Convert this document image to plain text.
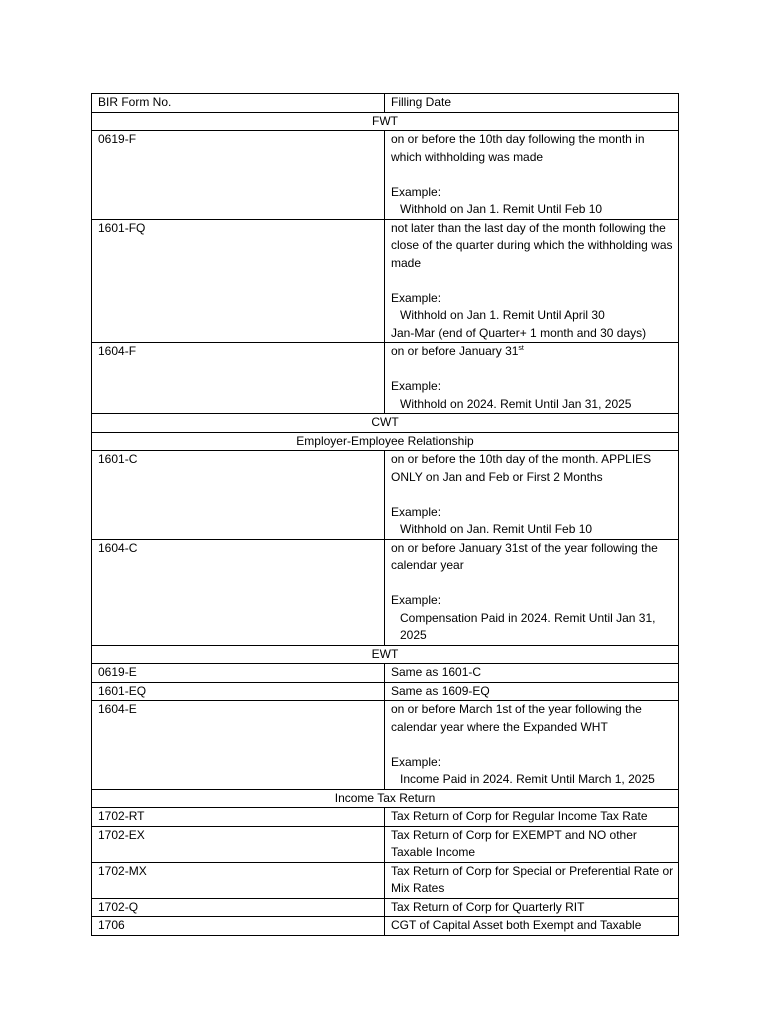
BIR Form No.	Filling Date
FWT	
0619-F	on or before the 10th day following the month in which withholding was made
Example:
Withhold on Jan 1. Remit Until Feb 10

1601-FQ	not later than the last day of the month following the close of the quarter during which the withholding was made
Example:
Withhold on Jan 1. Remit Until April 30
Jan-Mar (end of Quarter+ 1 month and 30 days)

1604-F	on or before January 31st
Example:
Withhold on 2024. Remit Until Jan 31, 2025

CWT	
Employer-Employee Relationship	
1601-C	on or before the 10th day of the month. APPLIES ONLY on Jan and Feb or First 2 Months
Example:
Withhold on Jan. Remit Until Feb 10

1604-C	on or before January 31st of the year following the calendar year
Example:
Compensation Paid in 2024. Remit Until Jan 31, 2025

EWT	
0619-E	Same as 1601-C
1601-EQ	Same as 1609-EQ
1604-E	on or before March 1st of the year following the calendar year where the Expanded WHT
Example:
Income Paid in 2024. Remit Until March 1, 2025

Income Tax Return	
1702-RT	Tax Return of Corp for Regular Income Tax Rate
1702-EX	Tax Return of Corp for EXEMPT and NO other Taxable Income
1702-MX	Tax Return of Corp for Special or Preferential Rate or Mix Rates
1702-Q	Tax Return of Corp for Quarterly RIT
1706	CGT of Capital Asset both Exempt and Taxable
